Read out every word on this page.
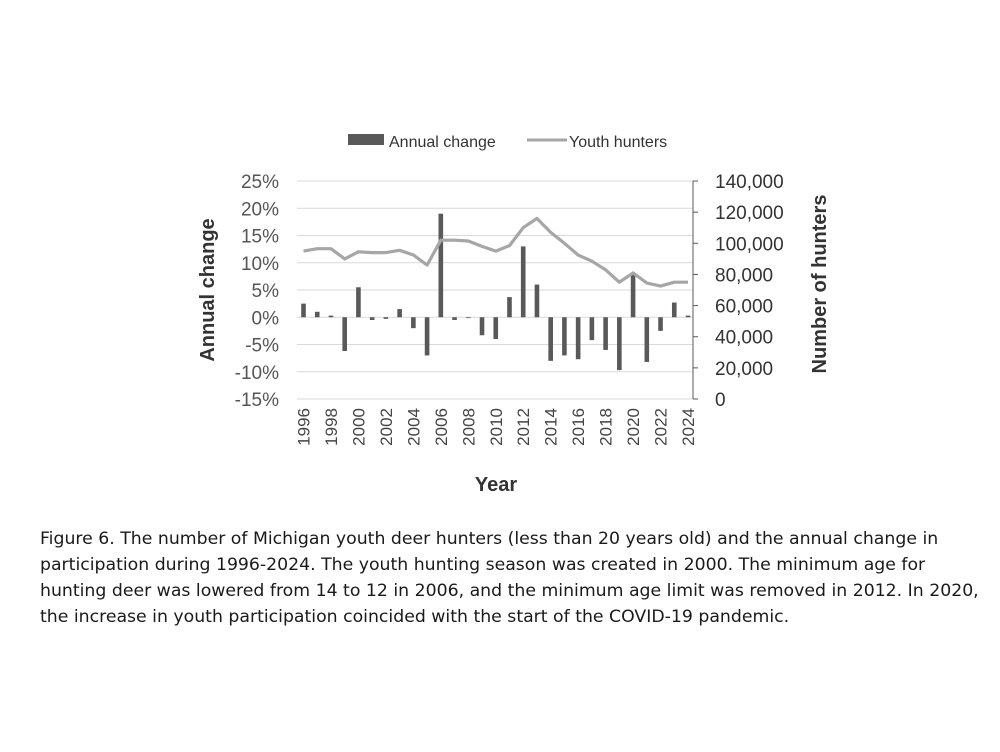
25%
20%
15%
10%
5%
0%
-5%
-10%
-15%
140,000
120,000
100,000
80,000
60,000
40,000
20,000
0
1996 1998 2000 2002 2004 2006 2008 2010 2012 2014 2016 2018 2020 2022 2024
Annual change	Youth hunters
Year
Annual change	Number of hunters
Figure 6. The number of Michigan youth deer hunters (less than 20 years old) and the annual change in participation during 1996-2024. The youth hunting season was created in 2000. The minimum age for hunting deer was lowered from 14 to 12 in 2006, and the minimum age limit was removed in 2012. In 2020, the increase in youth participation coincided with the start of the COVID-19 pandemic.
